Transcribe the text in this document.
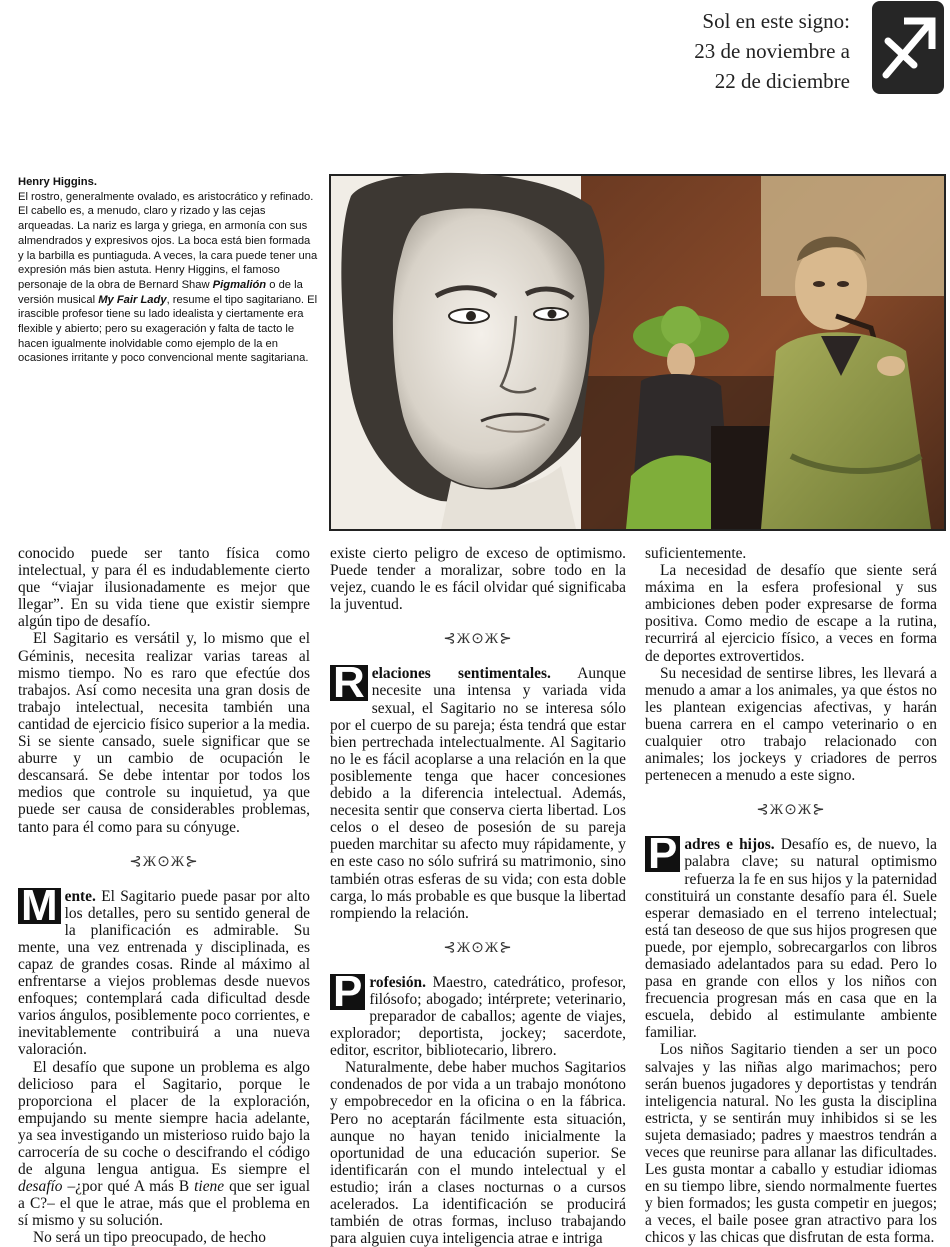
Sol en este signo:
23 de noviembre a
22 de diciembre
Henry Higgins.
El rostro, generalmente ovalado, es aristocrático y refinado. El cabello es, a menudo, claro y rizado y las cejas arqueadas. La nariz es larga y griega, en armonía con sus almendrados y expresivos ojos. La boca está bien formada y la barbilla es puntiaguda. A veces, la cara puede tener una expresión más bien astuta. Henry Higgins, el famoso personaje de la obra de Bernard Shaw Pigmalión o de la versión musical My Fair Lady, resume el tipo sagitariano. El irascible profesor tiene su lado idealista y ciertamente era flexible y abierto; pero su exageración y falta de tacto le hacen igualmente inolvidable como ejemplo de la en ocasiones irritante y poco convencional mente sagitariana.

conocido puede ser tanto física como intelectual, y para él es indudablemente cierto que “viajar ilusionadamente es mejor que llegar”. En su vida tiene que existir siempre algún tipo de desafío.

El Sagitario es versátil y, lo mismo que el Géminis, necesita realizar varias tareas al mismo tiempo. No es raro que efectúe dos trabajos. Así como necesita una gran dosis de trabajo intelectual, necesita también una cantidad de ejercicio físico superior a la media. Si se siente cansado, suele significar que se aburre y un cambio de ocupación le descansará. Se debe intentar por todos los medios que controle su inquietud, ya que puede ser causa de considerables problemas, tanto para él como para su cónyuge.

⊰Ж⊙Ж⊱

M ente. El Sagitario puede pasar por alto los detalles, pero su sentido general de la planificación es admirable. Su mente, una vez entrenada y disciplinada, es capaz de grandes cosas. Rinde al máximo al enfrentarse a viejos problemas desde nuevos enfoques; contemplará cada dificultad desde varios ángulos, posiblemente poco corrientes, e inevitablemente contribuirá a una nueva valoración.

El desafío que supone un problema es algo delicioso para el Sagitario, porque le proporciona el placer de la exploración, empujando su mente siempre hacia adelante, ya sea investigando un misterioso ruido bajo la carrocería de su coche o descifrando el código de alguna lengua antigua. Es siempre el desafío –¿por qué A más B tiene que ser igual a C?– el que le atrae, más que el problema en sí mismo y su solución.

No será un tipo preocupado, de hecho

existe cierto peligro de exceso de optimismo. Puede tender a moralizar, sobre todo en la vejez, cuando le es fácil olvidar qué significaba la juventud.

⊰Ж⊙Ж⊱

R elaciones sentimentales. Aunque necesite una intensa y variada vida sexual, el Sagitario no se interesa sólo por el cuerpo de su pareja; ésta tendrá que estar bien pertrechada intelectualmente. Al Sagitario no le es fácil acoplarse a una relación en la que posiblemente tenga que hacer concesiones debido a la diferencia intelectual. Además, necesita sentir que conserva cierta libertad. Los celos o el deseo de posesión de su pareja pueden marchitar su afecto muy rápidamente, y en este caso no sólo sufrirá su matrimonio, sino también otras esferas de su vida; con esta doble carga, lo más probable es que busque la libertad rompiendo la relación.

⊰Ж⊙Ж⊱

P rofesión. Maestro, catedrático, profesor, filósofo; abogado; intérprete; veterinario, preparador de caballos; agente de viajes, explorador; deportista, jockey; sacerdote, editor, escritor, bibliotecario, librero.

Naturalmente, debe haber muchos Sagitarios condenados de por vida a un trabajo monótono y empobrecedor en la oficina o en la fábrica. Pero no aceptarán fácilmente esta situación, aunque no hayan tenido inicialmente la oportunidad de una educación superior. Se identificarán con el mundo intelectual y el estudio; irán a clases nocturnas o a cursos acelerados. La identificación se producirá también de otras formas, incluso trabajando para alguien cuya inteligencia atrae e intriga

suficientemente.

La necesidad de desafío que siente será máxima en la esfera profesional y sus ambiciones deben poder expresarse de forma positiva. Como medio de escape a la rutina, recurrirá al ejercicio físico, a veces en forma de deportes extrovertidos.

Su necesidad de sentirse libres, les llevará a menudo a amar a los animales, ya que éstos no les plantean exigencias afectivas, y harán buena carrera en el campo veterinario o en cualquier otro trabajo relacionado con animales; los jockeys y criadores de perros pertenecen a menudo a este signo.

⊰Ж⊙Ж⊱

P adres e hijos. Desafío es, de nuevo, la palabra clave; su natural optimismo refuerza la fe en sus hijos y la paternidad constituirá un constante desafío para él. Suele esperar demasiado en el terreno intelectual; está tan deseoso de que sus hijos progresen que puede, por ejemplo, sobrecargarlos con libros demasiado adelantados para su edad. Pero lo pasa en grande con ellos y los niños con frecuencia progresan más en casa que en la escuela, debido al estimulante ambiente familiar.

Los niños Sagitario tienden a ser un poco salvajes y las niñas algo marimachos; pero serán buenos jugadores y deportistas y tendrán inteligencia natural. No les gusta la disciplina estricta, y se sentirán muy inhibidos si se les sujeta demasiado; padres y maestros tendrán a veces que reunirse para allanar las dificultades. Les gusta montar a caballo y estudiar idiomas en su tiempo libre, siendo normalmente fuertes y bien formados; les gusta competir en juegos; a veces, el baile posee gran atractivo para los chicos y las chicas que disfrutan de esta forma.
